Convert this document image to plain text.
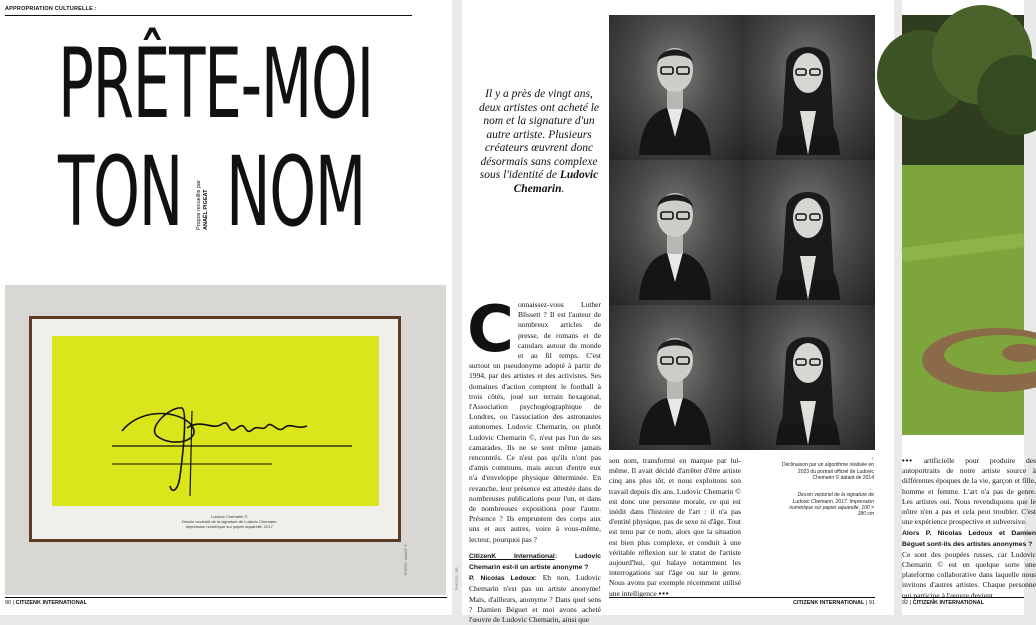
APPROPRIATION CULTURELLE :
PRÊTE-MOI
TON NOM
Propos recueillis par ANAËL PIGEAT
Ludovic Chemarin ©
Dessin vectoriel de la signature de Ludovic Chemarin
Impression numérique sur papier aquarelle, 2017
PHOTO : ADAGP ©
90 | CITIZENK INTERNATIONAL
Il y a près de vingt ans, deux artistes ont acheté le nom et la signature d'un autre artiste. Plusieurs créateurs œuvrent donc désormais sans complexe sous l'identité de Ludovic Chemarin.
C onnaissez-vous Luther Blissett ? Il est l'auteur de nombreux articles de presse, de romans et de canulars autour du monde et au fil temps. C'est surtout un pseudonyme adopté à partir de 1994, par des artistes et des activistes. Ses domaines d'action comptent le football à trois côtés, joué sur terrain hexagonal, l'Association psychogéographique de Londres, ou l'association des astronautes autonomes. Ludovic Chemarin, ou plutôt Ludovic Chemarin ©, n'est pas l'un de ses camarades. Ils ne se sont même jamais rencontrés. Ce n'est pas qu'ils n'ont pas d'amis communs, mais aucun d'entre eux n'a d'enveloppe physique déterminée. En revanche, leur présence est attestée dans de nombreuses publications pour l'un, et dans de nombreuses expositions pour l'autre. Présence ? Ils empruntent des corps aux uns et aux autres, voire à vous-même, lecteur, pourquoi pas ?
CitizenK International: Ludovic Chemarin est-il un artiste anonyme ?
P. Nicolas Ledoux: Eh non, Ludovic Chemarin n'est pas un artiste anonyme! Mais, d'ailleurs, anonyme ? Dans quel sens ? Damien Béguet et moi avons acheté l'œuvre de Ludovic Chemarin, ainsi que
son nom, transformé en marque par lui-même. Il avait décidé d'arrêter d'être artiste cinq ans plus tôt, et nous exploitons son travail depuis dix ans. Ludovic Chemarin © est donc une personne morale, ce qui est inédit dans l'histoire de l'art : il n'a pas d'entité physique, pas de sexe ni d'âge. Tout est tenu par ce nom, alors que la situation est bien plus complexe, et conduit à une véritable réflexion sur le statut de l'artiste aujourd'hui, qui balaye notamment les interrogations sur l'âge ou sur le genre. Nous avons par exemple récemment utilisé une intelligence •••
↑
Déclinaison par un algorithme réalisée en 2023 du portrait officiel de Ludovic Chemarin © datant de 2014
←
Dessin vectoriel de la signature de Ludovic Chemarin, 2017. Impression numérique sur papier aquarelle, 100 × 180 cm
PHOTOS : DR
CITIZENK INTERNATIONAL | 91
••• artificielle pour produire des autoportraits de notre artiste source à différentes époques de la vie, garçon et fille, homme et femme. L'art n'a pas de genre. Les artistes oui. Nous revendiquons que le nôtre n'en a pas et cela peut troubler. C'est une expérience prospective et subversive.
Alors P. Nicolas Ledoux et Damien Béguet sont-ils des artistes anonymes ?
Ce sont des poupées russes, car Ludovic Chemarin © est en quelque sorte une plateforme collaborative dans laquelle nous invitons d'autres artistes. Chaque personne qui participe à l'œuvre devient
92 | CITIZENK INTERNATIONAL
